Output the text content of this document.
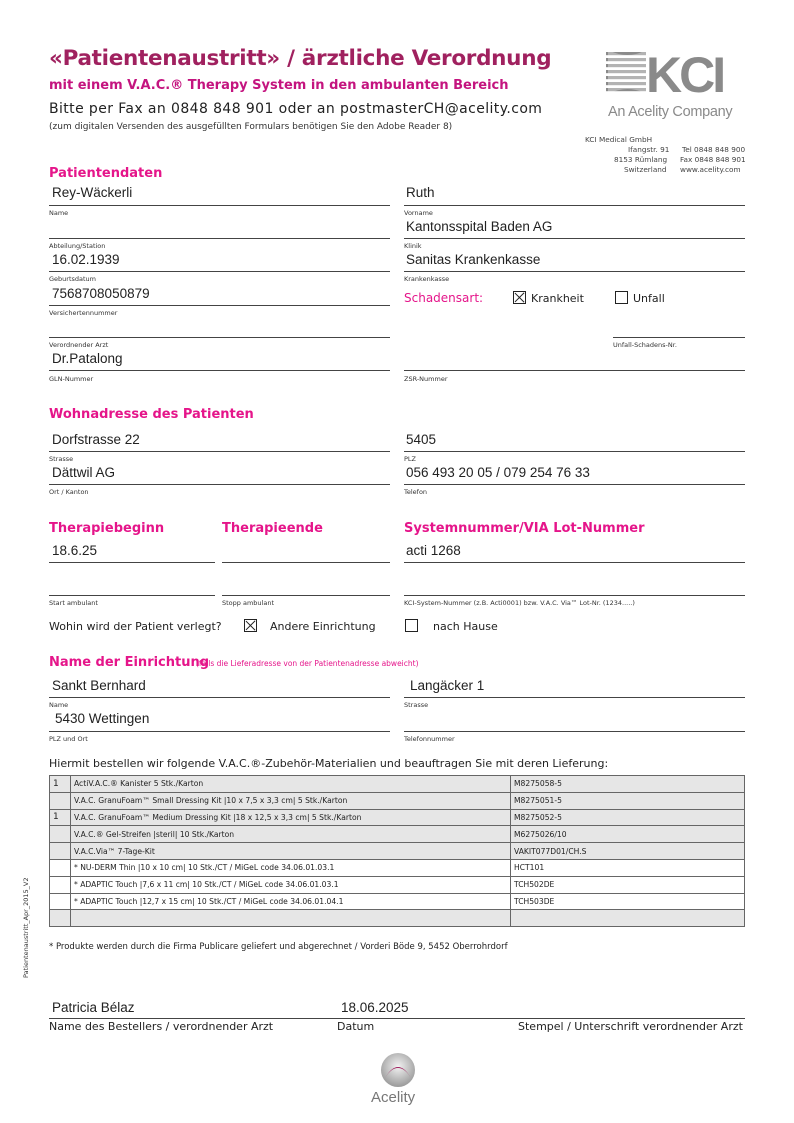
«Patientenaustritt» / ärztliche Verordnung
mit einem V.A.C.® Therapy System in den ambulanten Bereich
Bitte per Fax an 0848 848 901 oder an postmasterCH@acelity.com
(zum digitalen Versenden des ausgefüllten Formulars benötigen Sie den Adobe Reader 8)
KCI
An Acelity Company
KCI Medical GmbH
Ifangstr. 91
8153 Rümlang
Switzerland
Tel 0848 848 900
Fax 0848 848 901
www.acelity.com
Patientendaten
Rey-Wäckerli
Name
Ruth
Vorname
Abteilung/Station
Kantonsspital Baden AG
Klinik
16.02.1939
Geburtsdatum
Sanitas Krankenkasse
Krankenkasse
7568708050879
Versichertennummer
Schadensart:	Krankheit	Unfall
Verordnender Arzt	Unfall-Schadens-Nr.
Dr.Patalong
GLN-Nummer	ZSR-Nummer
Wohnadresse des Patienten
Dorfstrasse 22
Strasse
5405
PLZ
Dättwil AG
Ort / Kanton
056 493 20 05 / 079 254 76 33
Telefon
Therapiebeginn	Therapieende	Systemnummer/VIA Lot-Nummer
18.6.25
Start ambulant	Stopp ambulant
acti 1268
KCI-System-Nummer (z.B. Acti0001) bzw. V.A.C. Via™ Lot-Nr. (1234.....)
Wohin wird der Patient verlegt?	Andere Einrichtung	nach Hause
Name der Einrichtung
(falls die Lieferadresse von der Patientenadresse abweicht)
Sankt Bernhard
Name
Langäcker 1
Strasse
5430 Wettingen
PLZ und Ort	Telefonnummer
Hiermit bestellen wir folgende V.A.C.®-Zubehör-Materialien und beauftragen Sie mit deren Lieferung:
1	ActiV.A.C.® Kanister 5 Stk./Karton	M8275058-5
	V.A.C. GranuFoam™ Small Dressing Kit |10 x 7,5 x 3,3 cm| 5 Stk./Karton	M8275051-5
1	V.A.C. GranuFoam™ Medium Dressing Kit |18 x 12,5 x 3,3 cm| 5 Stk./Karton	M8275052-5
	V.A.C.® Gel-Streifen |steril| 10 Stk./Karton	M6275026/10
	V.A.C.Via™ 7-Tage-Kit	VAKIT077D01/CH.S
	* NU-DERM Thin |10 x 10 cm| 10 Stk./CT / MiGeL code 34.06.01.03.1	HCT101
	* ADAPTIC Touch |7,6 x 11 cm| 10 Stk./CT / MiGeL code 34.06.01.03.1	TCH502DE
	* ADAPTIC Touch |12,7 x 15 cm| 10 Stk./CT / MiGeL code 34.06.01.04.1	TCH503DE

* Produkte werden durch die Firma Publicare geliefert und abgerechnet / Vorderi Böde 9, 5452 Oberrohrdorf
Patricia Bélaz	18.06.2025
Name des Bestellers / verordnender Arzt	Datum	Stempel / Unterschrift verordnender Arzt
Acelity
Patientenaustritt_Apr_2015_V2
